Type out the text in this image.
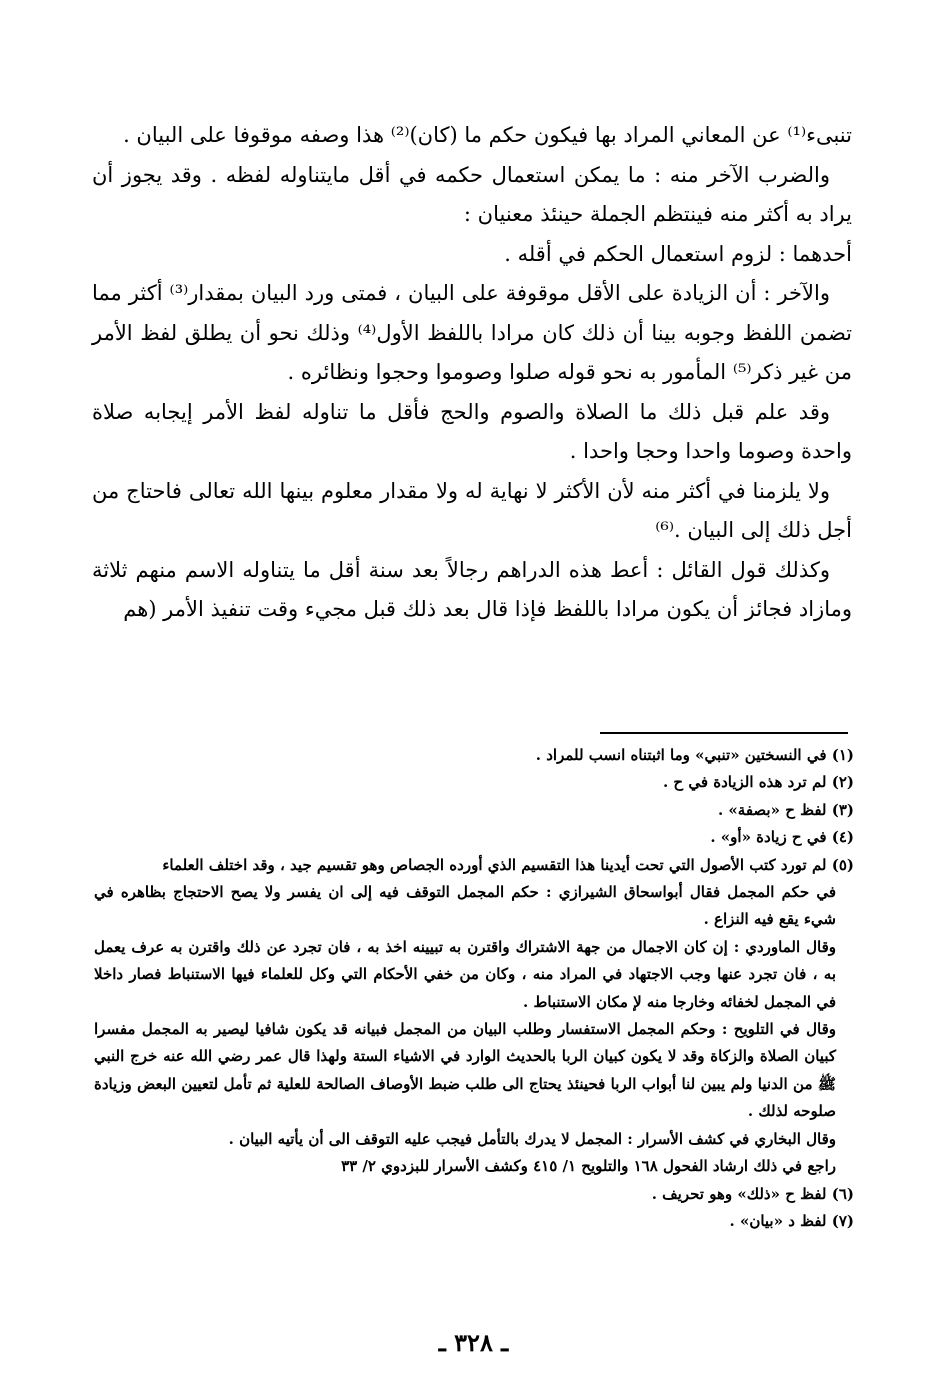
تنبىء⁽¹⁾ عن المعاني المراد بها فيكون حكم ما (كان)⁽²⁾ هذا وصفه موقوفا على البيان .

والضرب الآخر منه : ما يمكن استعمال حكمه في أقل مايتناوله لفظه . وقد يجوز أن يراد به أكثر منه فينتظم الجملة حينئذ معنيان :

أحدهما : لزوم استعمال الحكم في أقله .

والآخر : أن الزيادة على الأقل موقوفة على البيان ، فمتى ورد البيان بمقدار⁽³⁾ أكثر مما تضمن اللفظ وجوبه بينا أن ذلك كان مرادا باللفظ الأول⁽⁴⁾ وذلك نحو أن يطلق لفظ الأمر من غير ذكر⁽⁵⁾ المأمور به نحو قوله صلوا وصوموا وحجوا ونظائره .

وقد علم قبل ذلك ما الصلاة والصوم والحج فأقل ما تناوله لفظ الأمر إيجابه صلاة واحدة وصوما واحدا وحجا واحدا .

ولا يلزمنا في أكثر منه لأن الأكثر لا نهاية له ولا مقدار معلوم بينها الله تعالى فاحتاج من أجل ذلك إلى البيان .⁽⁶⁾

وكذلك قول القائل : أعط هذه الدراهم رجالاً بعد سنة أقل ما يتناوله الاسم منهم ثلاثة ومازاد فجائز أن يكون مرادا باللفظ فإذا قال بعد ذلك قبل مجيء وقت تنفيذ الأمر (هم

(١) في النسختين «تنبي» وما اثبتناه انسب للمراد .

(٢) لم ترد هذه الزيادة في ح .

(٣) لفظ ح «بصفة» .

(٤) في ح زيادة «أو» .

(٥) لم تورد كتب الأصول التي تحت أيدينا هذا التقسيم الذي أورده الجصاص وهو تقسيم جيد ، وقد اختلف العلماء

في حكم المجمل فقال أبواسحاق الشيرازي : حكم المجمل التوقف فيه إلى ان يفسر ولا يصح الاحتجاج بظاهره في شيء يقع فيه النزاع .

وقال الماوردي : إن كان الاجمال من جهة الاشتراك واقترن به تبيينه اخذ به ، فان تجرد عن ذلك واقترن به عرف يعمل به ، فان تجرد عنها وجب الاجتهاد في المراد منه ، وكان من خفي الأحكام التي وكل للعلماء فيها الاستنباط فصار داخلا في المجمل لخفائه وخارجا منه لإ مكان الاستنباط .

وقال في التلويح : وحكم المجمل الاستفسار وطلب البيان من المجمل فبيانه قد يكون شافيا ليصير به المجمل مفسرا كبيان الصلاة والزكاة وقد لا يكون كبيان الربا بالحديث الوارد في الاشياء الستة ولهذا قال عمر رضي الله عنه خرج النبي ﷺ من الدنيا ولم يبين لنا أبواب الربا فحينئذ يحتاج الى طلب ضبط الأوصاف الصالحة للعلية ثم تأمل لتعيين البعض وزيادة صلوحه لذلك .

وقال البخاري في كشف الأسرار : المجمل لا يدرك بالتأمل فيجب عليه التوقف الى أن يأتيه البيان .

راجع في ذلك ارشاد الفحول ١٦٨ والتلويح ١/ ٤١٥ وكشف الأسرار للبزدوي ٢/ ٣٣

(٦) لفظ ح «ذلك» وهو تحريف .

(٧) لفظ د «بيان» .

ـ ٣٢٨ ـ
